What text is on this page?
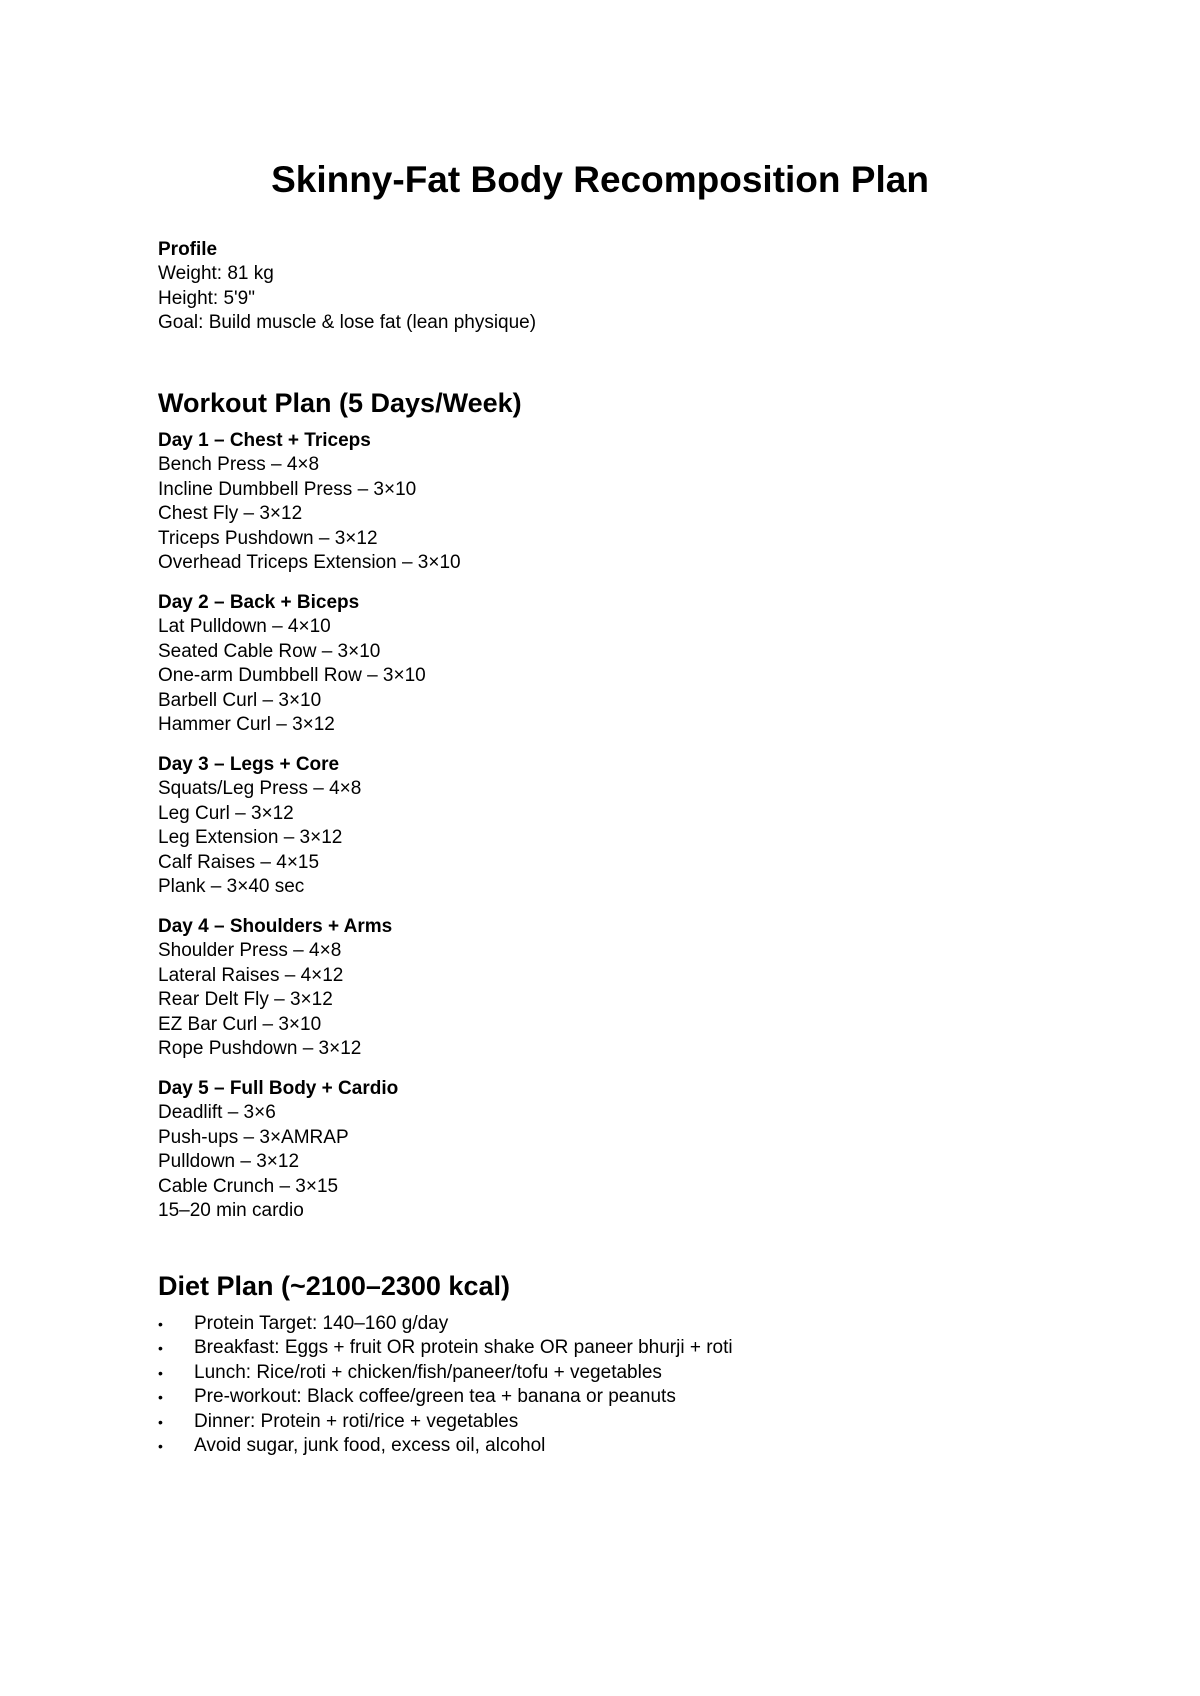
Skinny-Fat Body Recomposition Plan

Profile

Weight: 81 kg

Height: 5'9"

Goal: Build muscle & lose fat (lean physique)

Workout Plan (5 Days/Week)

Day 1 – Chest + Triceps

Bench Press – 4×8

Incline Dumbbell Press – 3×10

Chest Fly – 3×12

Triceps Pushdown – 3×12

Overhead Triceps Extension – 3×10

Day 2 – Back + Biceps

Lat Pulldown – 4×10

Seated Cable Row – 3×10

One-arm Dumbbell Row – 3×10

Barbell Curl – 3×10

Hammer Curl – 3×12

Day 3 – Legs + Core

Squats/Leg Press – 4×8

Leg Curl – 3×12

Leg Extension – 3×12

Calf Raises – 4×15

Plank – 3×40 sec

Day 4 – Shoulders + Arms

Shoulder Press – 4×8

Lateral Raises – 4×12

Rear Delt Fly – 3×12

EZ Bar Curl – 3×10

Rope Pushdown – 3×12

Day 5 – Full Body + Cardio

Deadlift – 3×6

Push-ups – 3×AMRAP

Pulldown – 3×12

Cable Crunch – 3×15

15–20 min cardio

Diet Plan (~2100–2300 kcal)
•	Protein Target: 140–160 g/day
•	Breakfast: Eggs + fruit OR protein shake OR paneer bhurji + roti
•	Lunch: Rice/roti + chicken/fish/paneer/tofu + vegetables
•	Pre-workout: Black coffee/green tea + banana or peanuts
•	Dinner: Protein + roti/rice + vegetables
•	Avoid sugar, junk food, excess oil, alcohol
